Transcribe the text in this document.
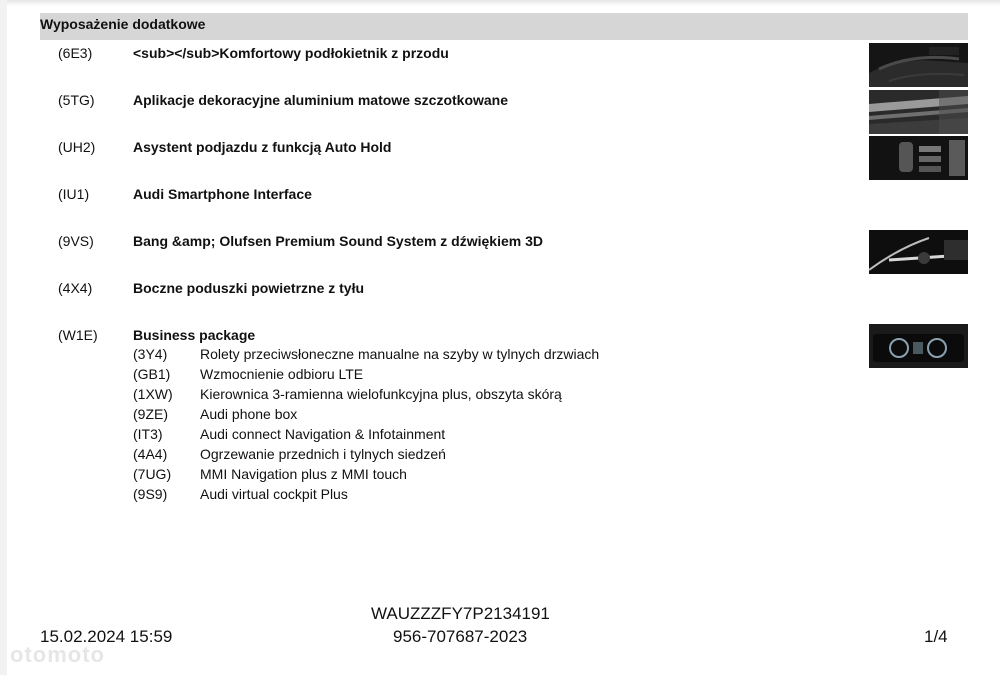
Wyposażenie dodatkowe
(6E3)	<sub></sub>Komfortowy podłokietnik z przodu
(5TG)	Aplikacje dekoracyjne aluminium matowe szczotkowane
(UH2)	Asystent podjazdu z funkcją Auto Hold
(IU1)	Audi Smartphone Interface
(9VS)	Bang &amp; Olufsen Premium Sound System z dźwiękiem 3D
(4X4)	Boczne poduszki powietrzne z tyłu
(W1E)	Business package
(3Y4) Rolety przeciwsłoneczne manualne na szyby w tylnych drzwiach
(GB1) Wzmocnienie odbioru LTE
(1XW) Kierownica 3-ramienna wielofunkcyjna plus, obszyta skórą
(9ZE) Audi phone box
(IT3)	Audi connect Navigation & Infotainment
(4A4) Ogrzewanie przednich i tylnych siedzeń
(7UG) MMI Navigation plus z MMI touch
(9S9) Audi virtual cockpit Plus
WAUZZZFY7P2134191
15.02.2024 15:59	956-707687-2023	1/4
otomoto
